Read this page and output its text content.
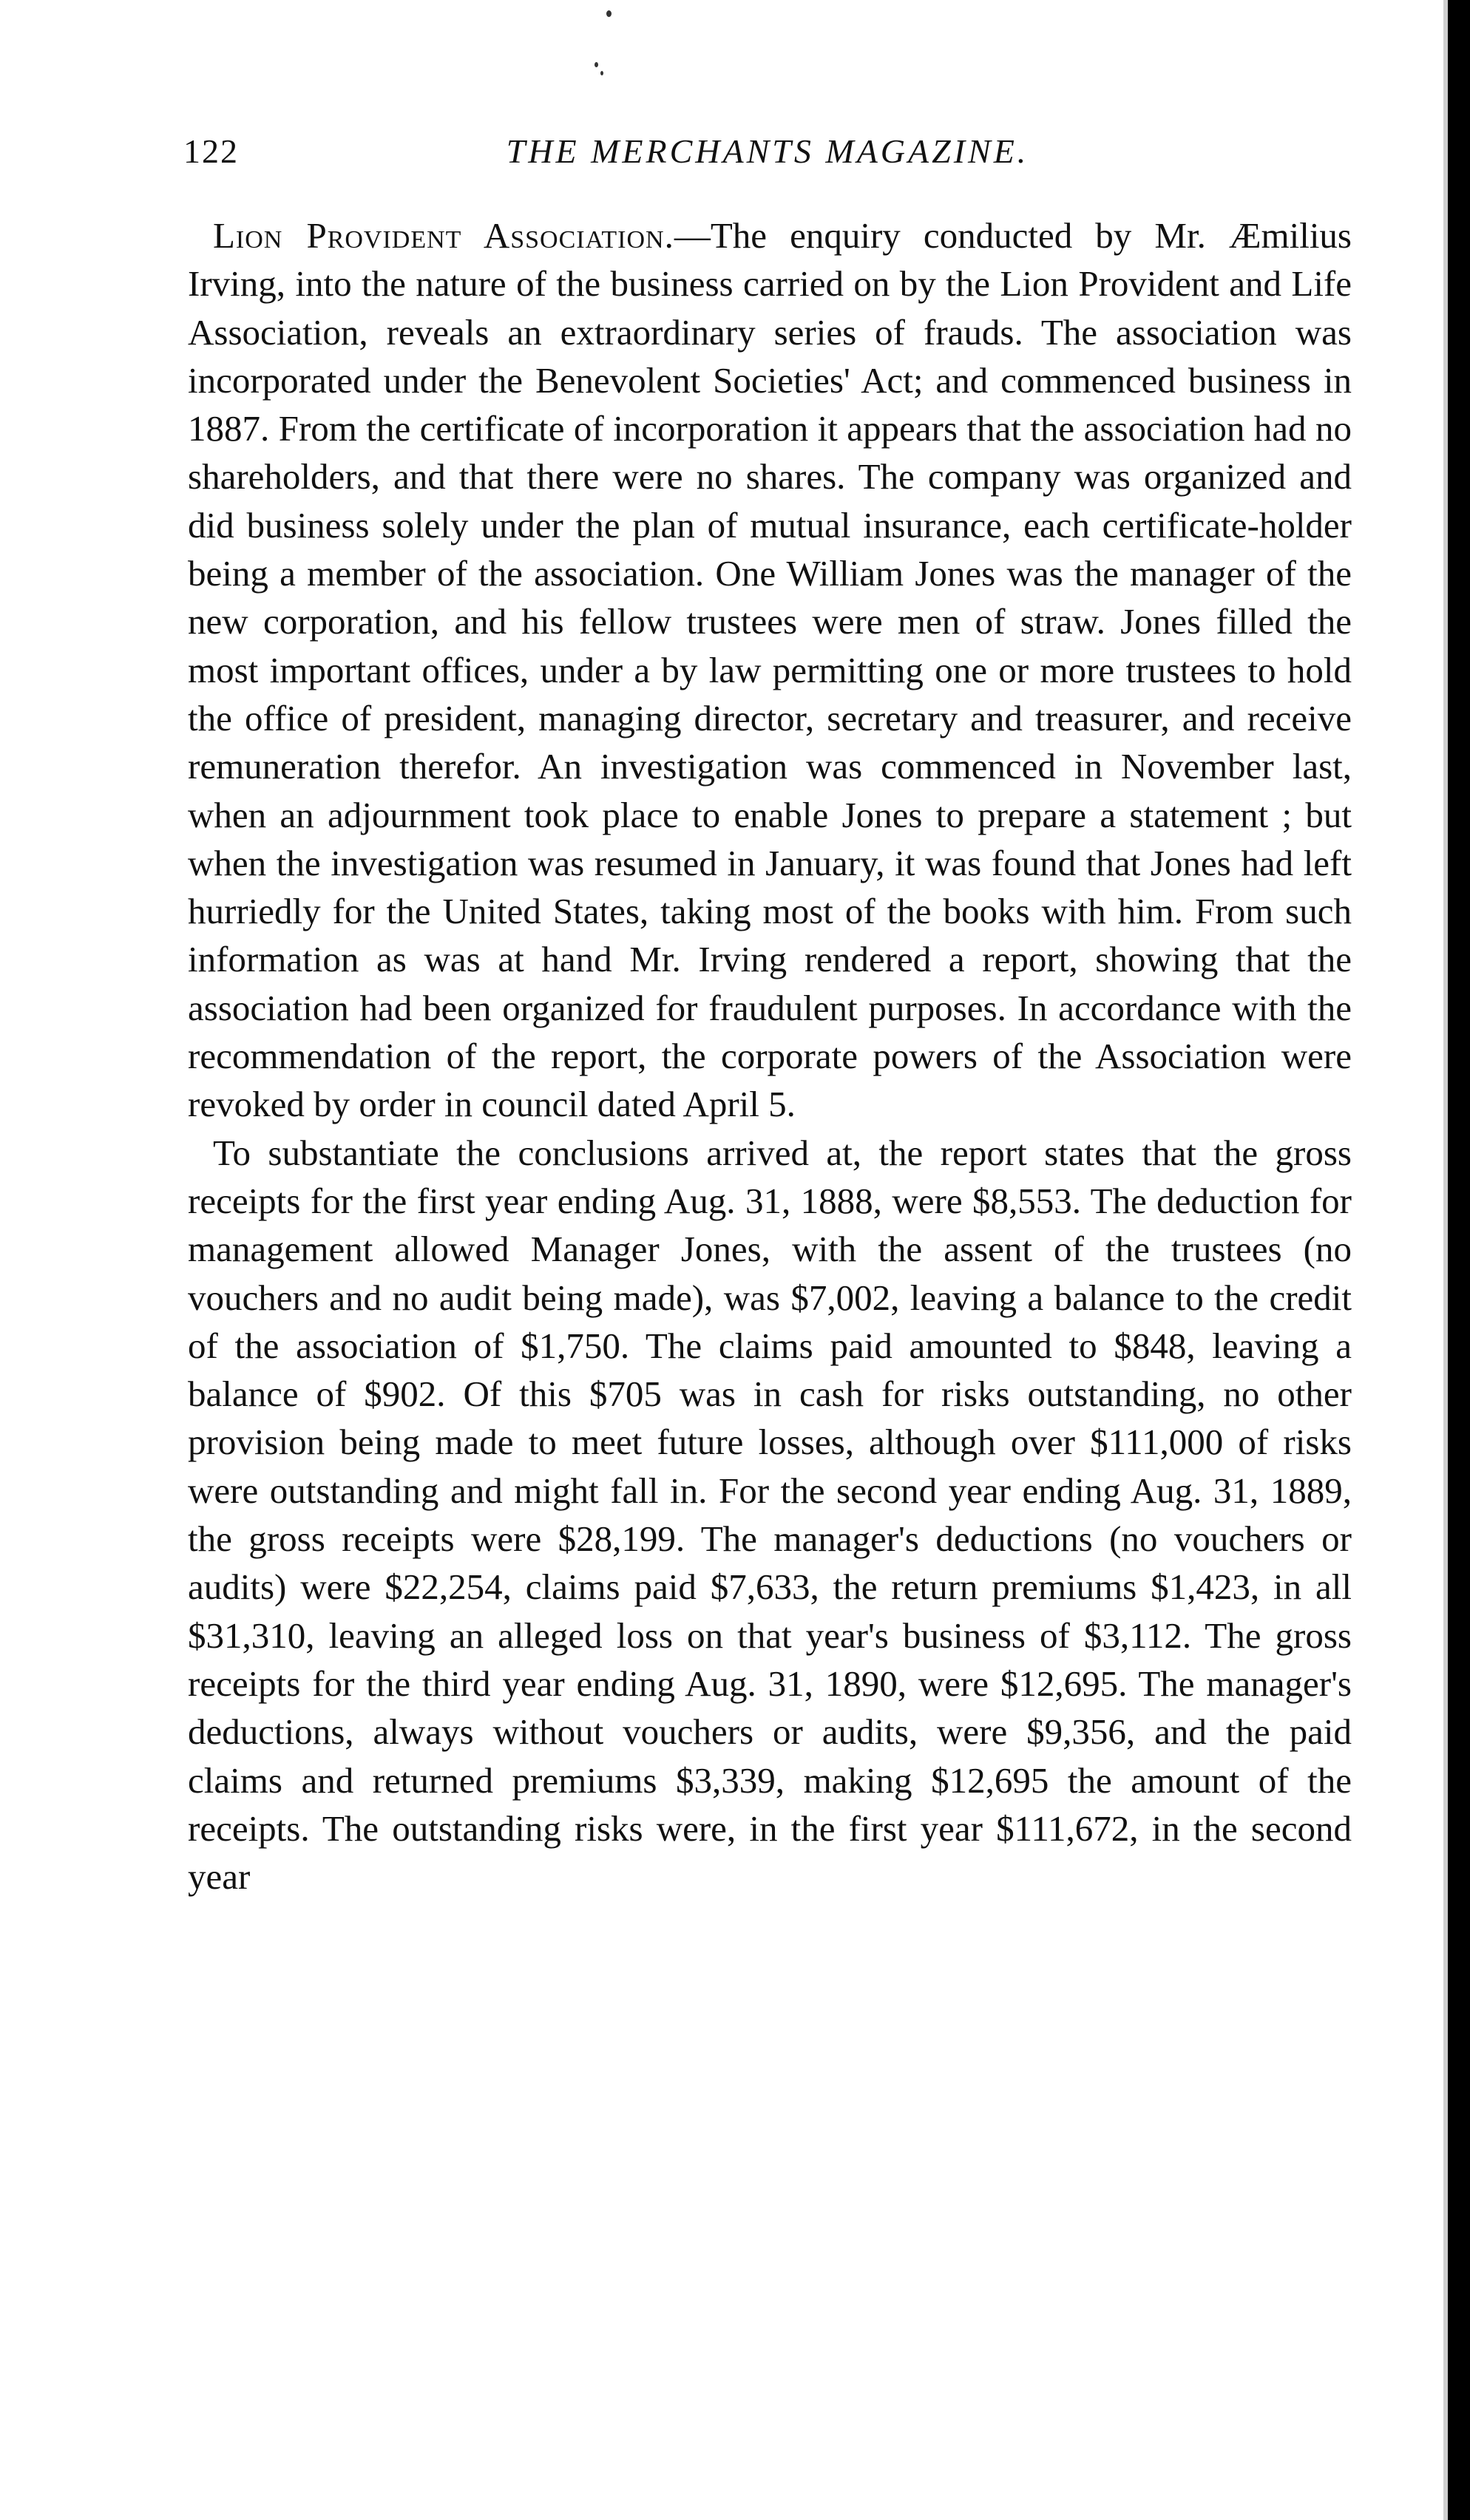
122	THE MERCHANTS MAGAZINE.

Lion Provident Association.—The enquiry conducted by Mr. Æmilius Irving, into the nature of the business carried on by the Lion Provident and Life Association, reveals an extraordinary series of frauds. The association was incorporated under the Benevolent Societies' Act; and commenced business in 1887. From the certificate of incorporation it appears that the association had no shareholders, and that there were no shares. The company was organized and did business solely under the plan of mutual insurance, each certificate-holder being a member of the association. One William Jones was the manager of the new corporation, and his fellow trustees were men of straw. Jones filled the most important offices, under a by law permitting one or more trustees to hold the office of president, managing director, secretary and treasurer, and receive remuneration therefor. An investigation was commenced in November last, when an adjournment took place to enable Jones to prepare a statement ; but when the investigation was resumed in January, it was found that Jones had left hurriedly for the United States, taking most of the books with him. From such information as was at hand Mr. Irving rendered a report, showing that the association had been organized for fraudulent purposes. In accordance with the recommendation of the report, the corporate powers of the Association were revoked by order in council dated April 5.

To substantiate the conclusions arrived at, the report states that the gross receipts for the first year ending Aug. 31, 1888, were $8,553. The deduction for management allowed Manager Jones, with the assent of the trustees (no vouchers and no audit being made), was $7,002, leaving a balance to the credit of the association of $1,750. The claims paid amounted to $848, leaving a balance of $902. Of this $705 was in cash for risks outstanding, no other provision being made to meet future losses, although over $111,000 of risks were outstanding and might fall in. For the second year ending Aug. 31, 1889, the gross receipts were $28,199. The manager's deductions (no vouchers or audits) were $22,254, claims paid $7,633, the return premiums $1,423, in all $31,310, leaving an alleged loss on that year's business of $3,112. The gross receipts for the third year ending Aug. 31, 1890, were $12,695. The manager's deductions, always without vouchers or audits, were $9,356, and the paid claims and returned premiums $3,339, making $12,695 the amount of the receipts. The outstanding risks were, in the first year $111,672, in the second year
